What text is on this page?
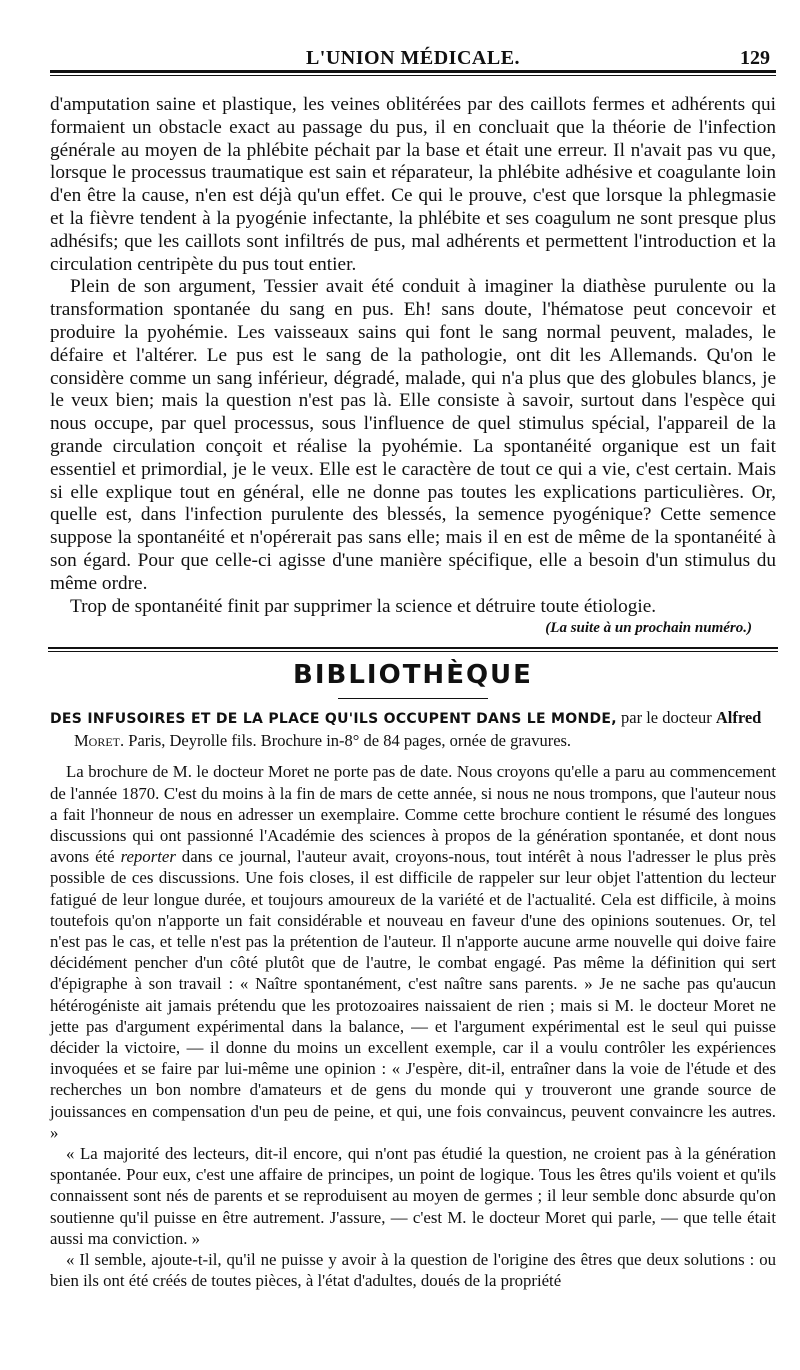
L'UNION MÉDICALE.	129

d'amputation saine et plastique, les veines oblitérées par des caillots fermes et adhérents qui formaient un obstacle exact au passage du pus, il en concluait que la théorie de l'infection générale au moyen de la phlébite péchait par la base et était une erreur. Il n'avait pas vu que, lorsque le processus traumatique est sain et réparateur, la phlébite adhésive et coagulante loin d'en être la cause, n'en est déjà qu'un effet. Ce qui le prouve, c'est que lorsque la phlegmasie et la fièvre tendent à la pyogénie infectante, la phlébite et ses coagulum ne sont presque plus adhésifs; que les caillots sont infiltrés de pus, mal adhérents et permettent l'introduction et la circulation centripète du pus tout entier.

Plein de son argument, Tessier avait été conduit à imaginer la diathèse purulente ou la transformation spontanée du sang en pus. Eh! sans doute, l'hématose peut concevoir et produire la pyohémie. Les vaisseaux sains qui font le sang normal peuvent, malades, le défaire et l'altérer. Le pus est le sang de la pathologie, ont dit les Allemands. Qu'on le considère comme un sang inférieur, dégradé, malade, qui n'a plus que des globules blancs, je le veux bien; mais la question n'est pas là. Elle consiste à savoir, surtout dans l'espèce qui nous occupe, par quel processus, sous l'influence de quel stimulus spécial, l'appareil de la grande circulation conçoit et réalise la pyohémie. La spontanéité organique est un fait essentiel et primordial, je le veux. Elle est le caractère de tout ce qui a vie, c'est certain. Mais si elle explique tout en général, elle ne donne pas toutes les explications particulières. Or, quelle est, dans l'infection purulente des blessés, la semence pyogénique? Cette semence suppose la spontanéité et n'opérerait pas sans elle; mais il en est de même de la spontanéité à son égard. Pour que celle-ci agisse d'une manière spécifique, elle a besoin d'un stimulus du même ordre.

Trop de spontanéité finit par supprimer la science et détruire toute étiologie.

(La suite à un prochain numéro.)
BIBLIOTHÈQUE
DES INFUSOIRES ET DE LA PLACE QU'ILS OCCUPENT DANS LE MONDE, par le docteur Alfred
Moret. Paris, Deyrolle fils. Brochure in-8° de 84 pages, ornée de gravures.

La brochure de M. le docteur Moret ne porte pas de date. Nous croyons qu'elle a paru au commencement de l'année 1870. C'est du moins à la fin de mars de cette année, si nous ne nous trompons, que l'auteur nous a fait l'honneur de nous en adresser un exemplaire. Comme cette brochure contient le résumé des longues discussions qui ont passionné l'Académie des sciences à propos de la génération spontanée, et dont nous avons été reporter dans ce journal, l'auteur avait, croyons-nous, tout intérêt à nous l'adresser le plus près possible de ces discussions. Une fois closes, il est difficile de rappeler sur leur objet l'attention du lecteur fatigué de leur longue durée, et toujours amoureux de la variété et de l'actualité. Cela est difficile, à moins toutefois qu'on n'apporte un fait considérable et nouveau en faveur d'une des opinions soutenues. Or, tel n'est pas le cas, et telle n'est pas la prétention de l'auteur. Il n'apporte aucune arme nouvelle qui doive faire décidément pencher d'un côté plutôt que de l'autre, le combat engagé. Pas même la définition qui sert d'épigraphe à son travail : « Naître spontanément, c'est naître sans parents. » Je ne sache pas qu'aucun hétérogéniste ait jamais prétendu que les protozoaires naissaient de rien ; mais si M. le docteur Moret ne jette pas d'argument expérimental dans la balance, — et l'argument expérimental est le seul qui puisse décider la victoire, — il donne du moins un excellent exemple, car il a voulu contrôler les expériences invoquées et se faire par lui-même une opinion : « J'espère, dit-il, entraîner dans la voie de l'étude et des recherches un bon nombre d'amateurs et de gens du monde qui y trouveront une grande source de jouissances en compensation d'un peu de peine, et qui, une fois convaincus, peuvent convaincre les autres. »

« La majorité des lecteurs, dit-il encore, qui n'ont pas étudié la question, ne croient pas à la génération spontanée. Pour eux, c'est une affaire de principes, un point de logique. Tous les êtres qu'ils voient et qu'ils connaissent sont nés de parents et se reproduisent au moyen de germes ; il leur semble donc absurde qu'on soutienne qu'il puisse en être autrement. J'assure, — c'est M. le docteur Moret qui parle, — que telle était aussi ma conviction. »

« Il semble, ajoute-t-il, qu'il ne puisse y avoir à la question de l'origine des êtres que deux solutions : ou bien ils ont été créés de toutes pièces, à l'état d'adultes, doués de la propriété
